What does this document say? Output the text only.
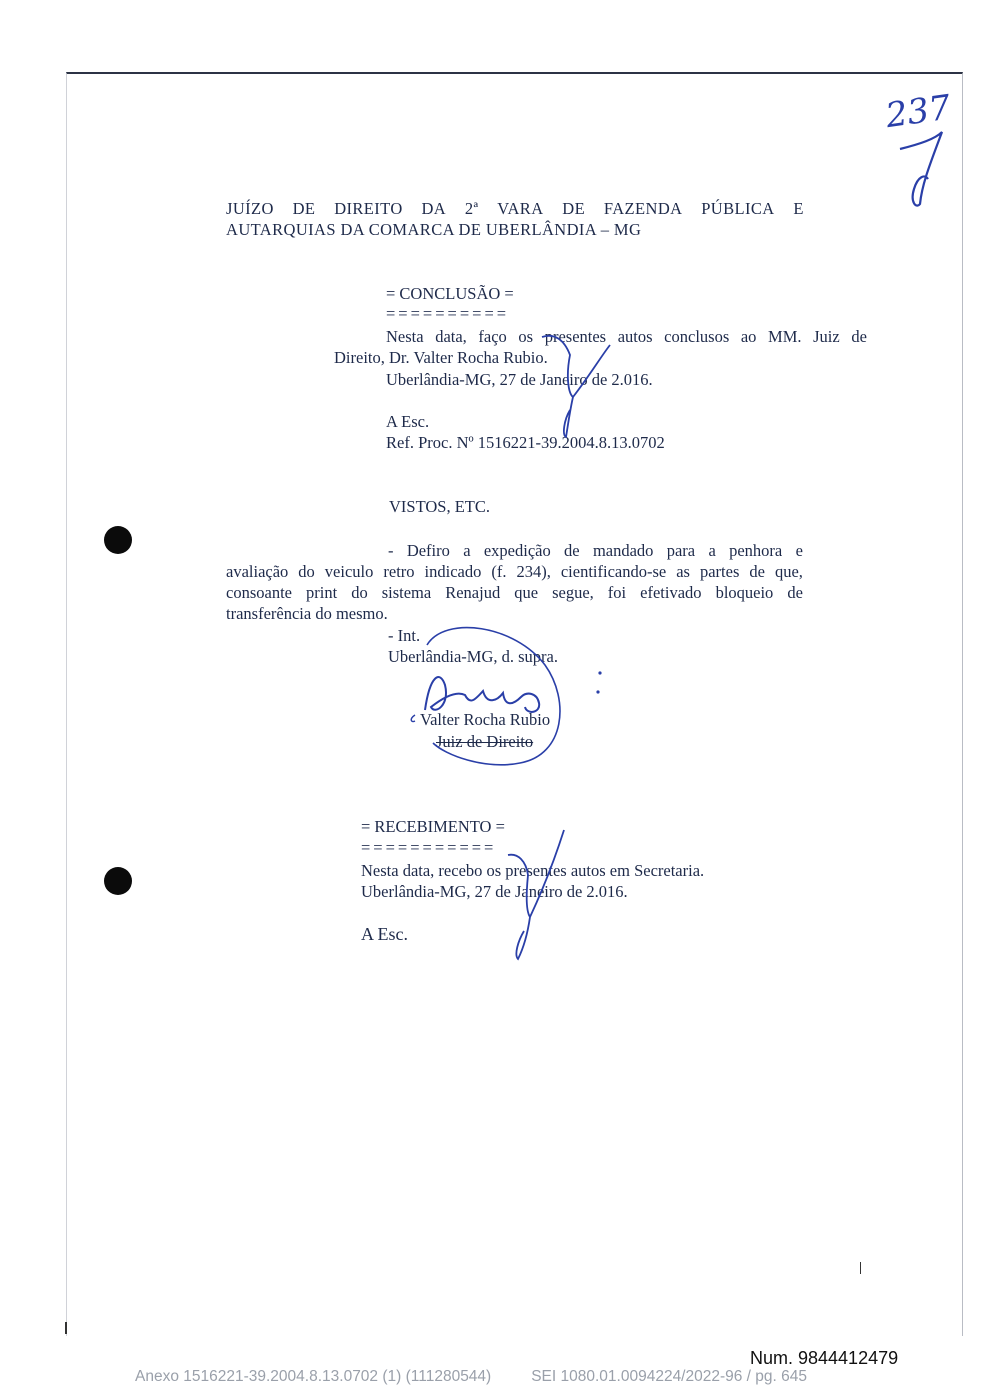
237
JUÍZO DE DIREITO DA 2ª VARA DE FAZENDA PÚBLICA E
AUTARQUIAS DA COMARCA DE UBERLÂNDIA – MG
= CONCLUSÃO =
==========
Nesta data, faço os presentes autos conclusos ao MM. Juiz de
Direito, Dr. Valter Rocha Rubio.
Uberlândia-MG, 27 de Janeiro de 2.016.
A Esc.
Ref. Proc. Nº 1516221-39.2004.8.13.0702
VISTOS, ETC.
- Defiro a expedição de mandado para a penhora e
avaliação do veiculo retro indicado (f. 234), cientificando-se as partes de que,
consoante print do sistema Renajud que segue, foi efetivado bloqueio de
transferência do mesmo.
- Int.
Uberlândia-MG, d. supra.
Valter Rocha Rubio
Juiz de Direito
= RECEBIMENTO =
===========
Nesta data, recebo os presentes autos em Secretaria.
Uberlândia-MG, 27 de Janeiro de 2.016.
A Esc.
Num. 9844412479
Anexo 1516221-39.2004.8.13.0702 (1) (111280544)	SEI 1080.01.0094224/2022-96 / pg. 645
